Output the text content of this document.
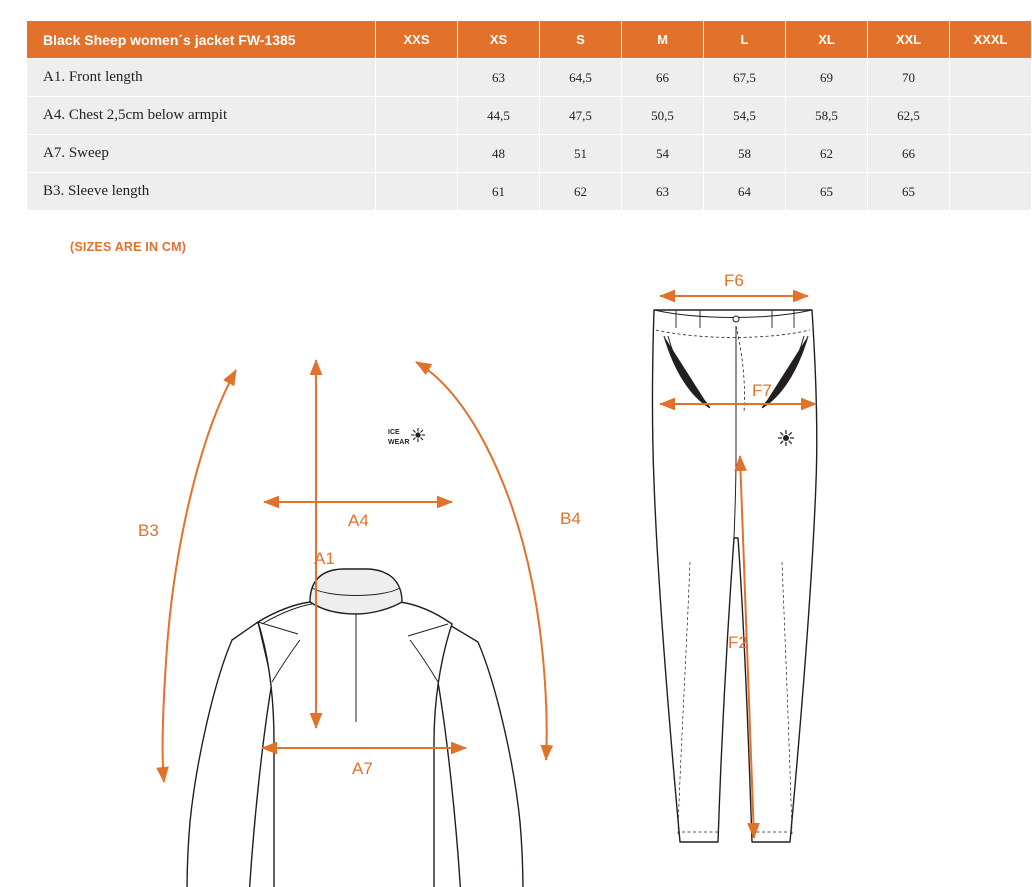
Black Sheep women´s jacket FW-1385	XXS	XS	S	M	L	XL	XXL	XXXL
A1. Front length		63	64,5	66	67,5	69	70	
A4. Chest 2,5cm below armpit		44,5	47,5	50,5	54,5	58,5	62,5	
A7. Sweep		48	51	54	58	62	66	
B3. Sleeve length		61	62	63	64	65	65	
(SIZES ARE IN CM)
ICE
WEAR
B3
B4
A1
A4
A7
F6
F7
F2
